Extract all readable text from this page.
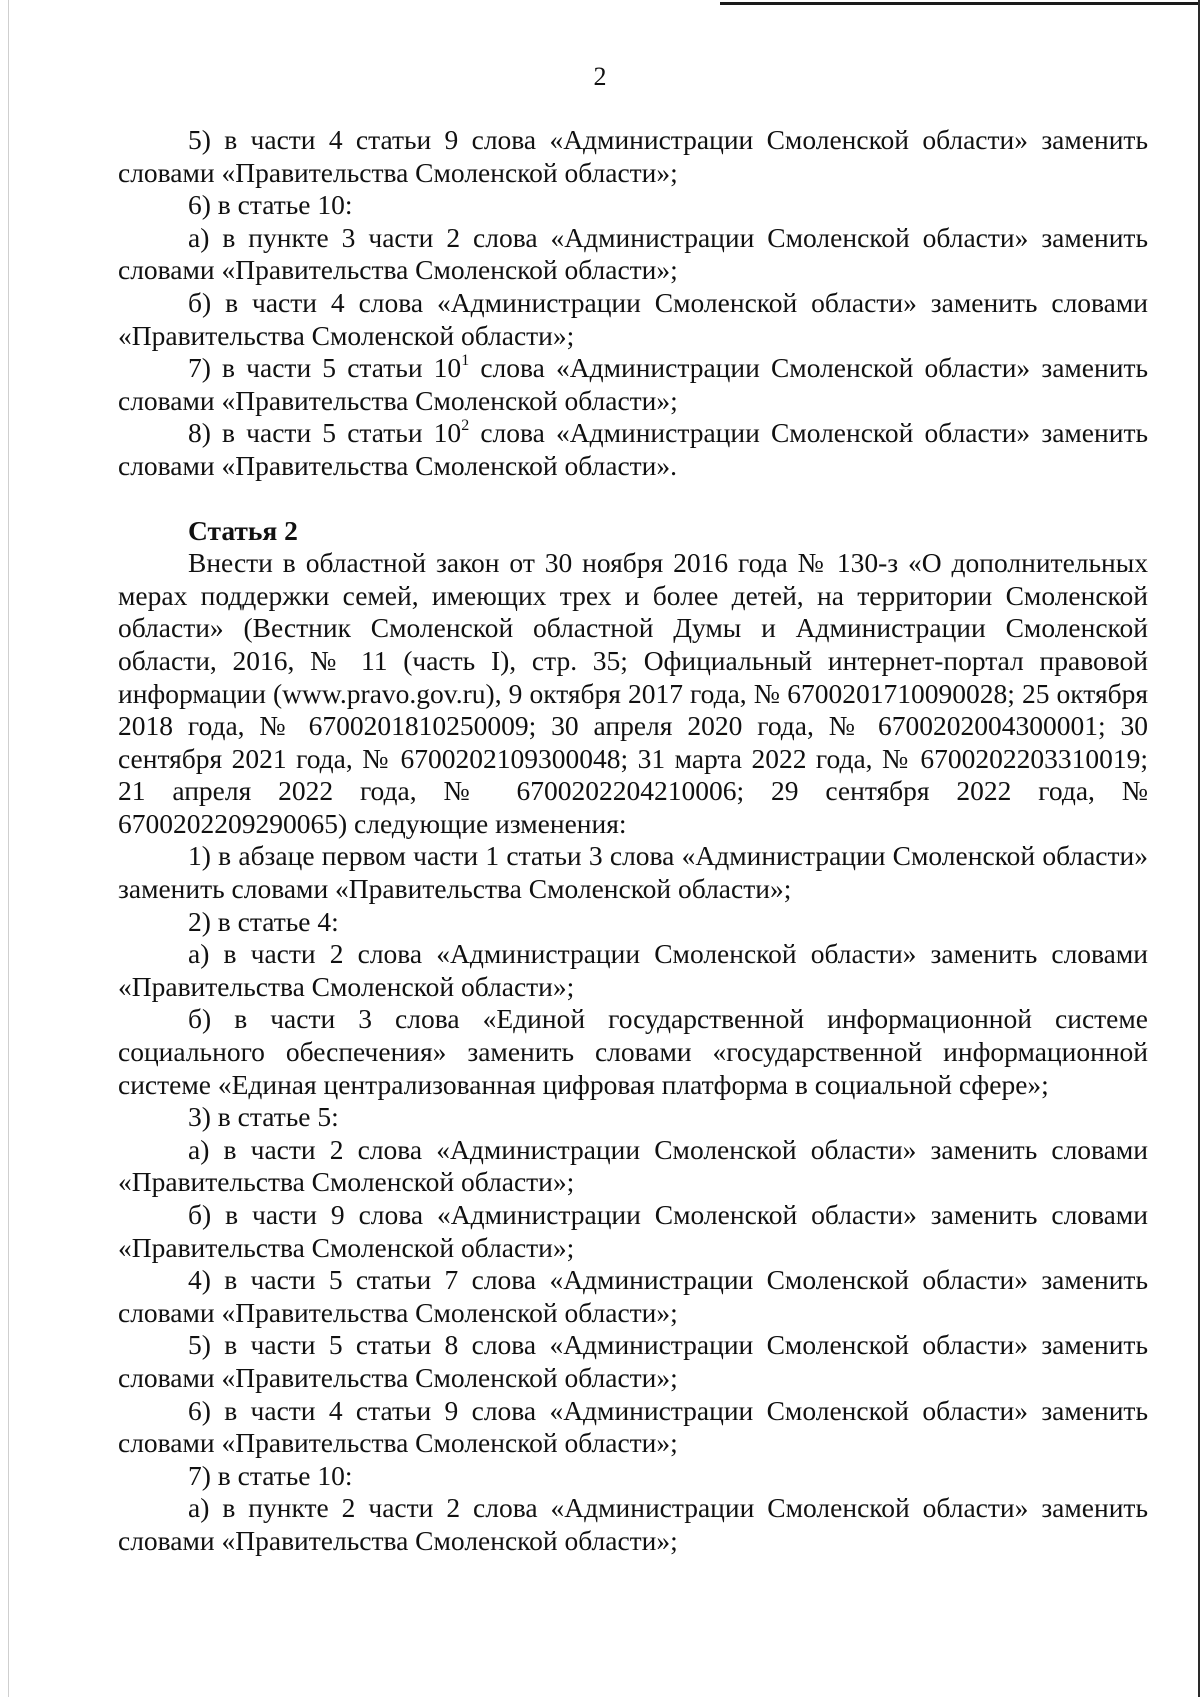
2

5) в части 4 статьи 9 слова «Администрации Смоленской области» заменить словами «Правительства Смоленской области»;

6) в статье 10:

а) в пункте 3 части 2 слова «Администрации Смоленской области» заменить словами «Правительства Смоленской области»;

б) в части 4 слова «Администрации Смоленской области» заменить словами «Правительства Смоленской области»;

7) в части 5 статьи $10^1$ слова «Администрации Смоленской области» заменить словами «Правительства Смоленской области»;

8) в части 5 статьи $10^2$ слова «Администрации Смоленской области» заменить словами «Правительства Смоленской области».

Статья 2

Внести в областной закон от 30 ноября 2016 года № 130-з «О дополнительных мерах поддержки семей, имеющих трех и более детей, на территории Смоленской области» (Вестник Смоленской областной Думы и Администрации Смоленской области, 2016, № 11 (часть I), стр. 35; Официальный интернет-портал правовой информации (www.pravo.gov.ru), 9 октября 2017 года, № 6700201710090028; 25 октября 2018 года, № 6700201810250009; 30 апреля 2020 года, № 6700202004300001; 30 сентября 2021 года, № 6700202109300048; 31 марта 2022 года, № 6700202203310019; 21 апреля 2022 года, № 6700202204210006; 29 сентября 2022 года, № 6700202209290065) следующие изменения:

1) в абзаце первом части 1 статьи 3 слова «Администрации Смоленской области» заменить словами «Правительства Смоленской области»;

2) в статье 4:

а) в части 2 слова «Администрации Смоленской области» заменить словами «Правительства Смоленской области»;

б) в части 3 слова «Единой государственной информационной системе социального обеспечения» заменить словами «государственной информационной системе «Единая централизованная цифровая платформа в социальной сфере»;

3) в статье 5:

а) в части 2 слова «Администрации Смоленской области» заменить словами «Правительства Смоленской области»;

б) в части 9 слова «Администрации Смоленской области» заменить словами «Правительства Смоленской области»;

4) в части 5 статьи 7 слова «Администрации Смоленской области» заменить словами «Правительства Смоленской области»;

5) в части 5 статьи 8 слова «Администрации Смоленской области» заменить словами «Правительства Смоленской области»;

6) в части 4 статьи 9 слова «Администрации Смоленской области» заменить словами «Правительства Смоленской области»;

7) в статье 10:

а) в пункте 2 части 2 слова «Администрации Смоленской области» заменить словами «Правительства Смоленской области»;
